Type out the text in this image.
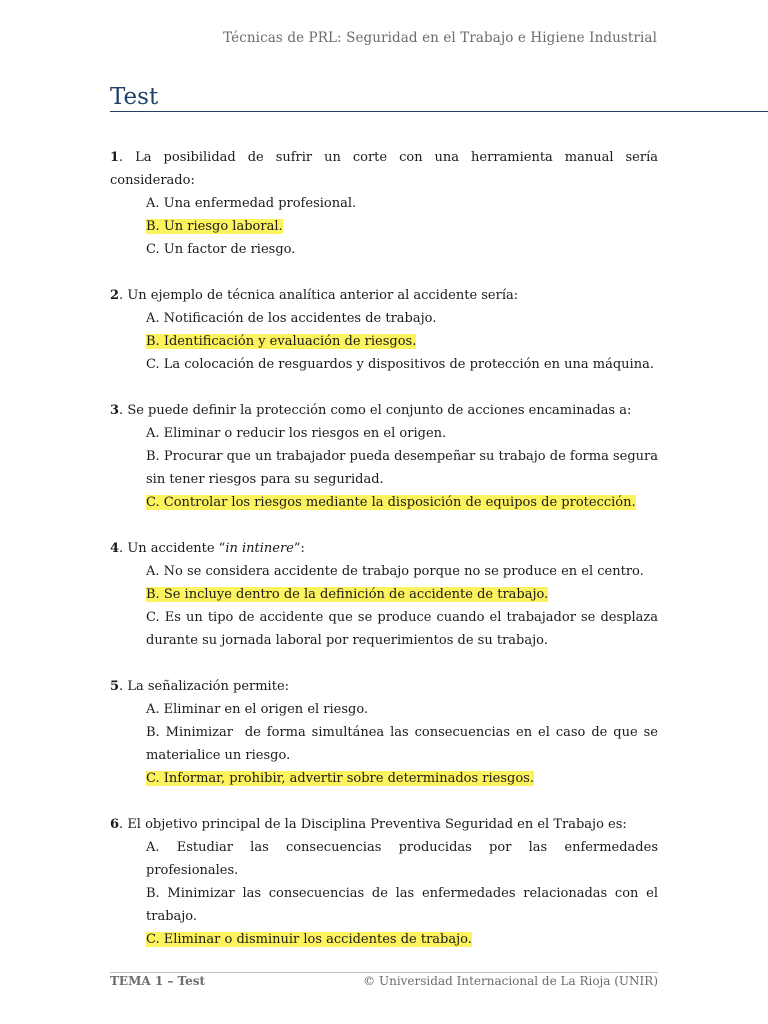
Técnicas de PRL: Seguridad en el Trabajo e Higiene Industrial
Test
1. La posibilidad de sufrir un corte con una herramienta manual sería considerado:
A. Una enfermedad profesional.
B. Un riesgo laboral.
C. Un factor de riesgo.
2. Un ejemplo de técnica analítica anterior al accidente sería:
A. Notificación de los accidentes de trabajo.
B. Identificación y evaluación de riesgos.
C. La colocación de resguardos y dispositivos de protección en una máquina.
3. Se puede definir la protección como el conjunto de acciones encaminadas a:
A. Eliminar o reducir los riesgos en el origen.
B. Procurar que un trabajador pueda desempeñar su trabajo de forma segura sin tener riesgos para su seguridad.
C. Controlar los riesgos mediante la disposición de equipos de protección.
4. Un accidente “in intinere”:
A. No se considera accidente de trabajo porque no se produce en el centro.
B. Se incluye dentro de la definición de accidente de trabajo.
C. Es un tipo de accidente que se produce cuando el trabajador se desplaza durante su jornada laboral por requerimientos de su trabajo.
5. La señalización permite:
A. Eliminar en el origen el riesgo.
B. Minimizar  de forma simultánea las consecuencias en el caso de que se materialice un riesgo.
C. Informar, prohibir, advertir sobre determinados riesgos.
6. El objetivo principal de la Disciplina Preventiva Seguridad en el Trabajo es:
A. Estudiar las consecuencias producidas por las enfermedades profesionales.
B. Minimizar las consecuencias de las enfermedades relacionadas con el trabajo.
C. Eliminar o disminuir los accidentes de trabajo.
TEMA 1 – Test	© Universidad Internacional de La Rioja (UNIR)
